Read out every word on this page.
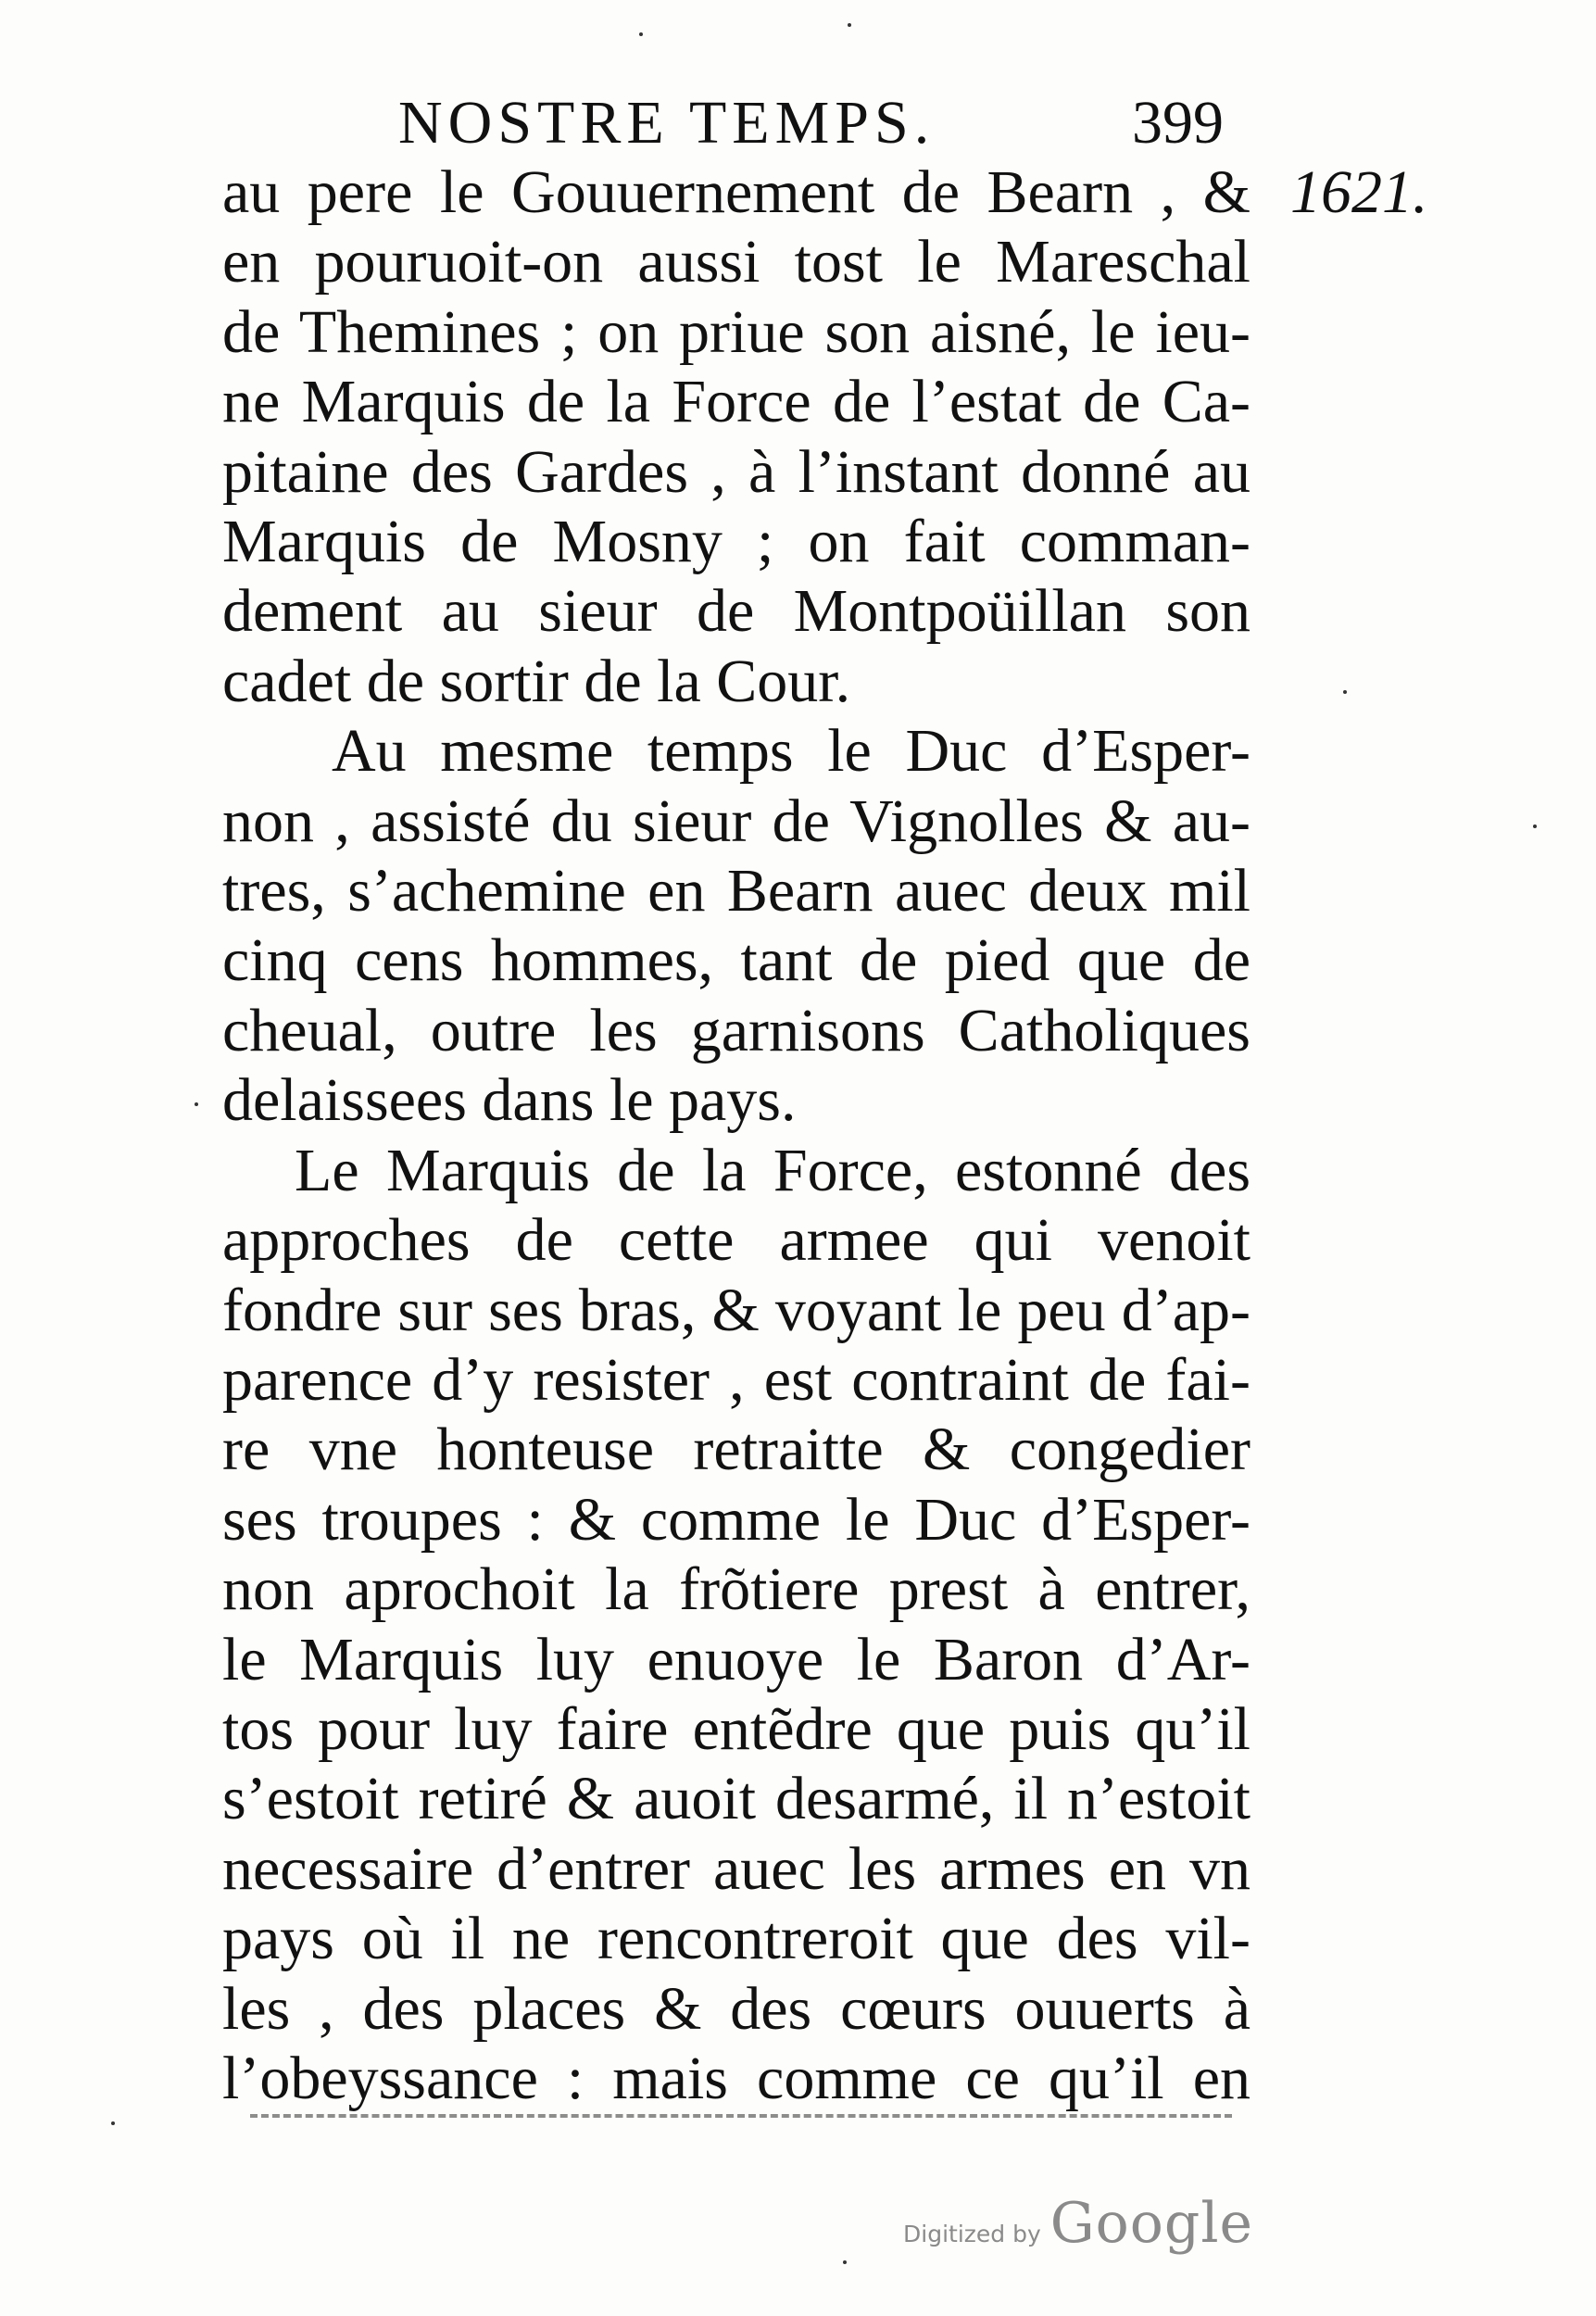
NOSTRE TEMPS.	399
1621.
au pere le Gouuernement de Bearn , &
en pouruoit-on aussi tost le Mareschal
de Themines ; on priue son aisné, le ieu-
ne Marquis de la Force de l’estat de Ca-
pitaine des Gardes , à l’instant donné au
Marquis de Mosny ; on fait comman-
dement au sieur de Montpoüillan son
cadet de sortir de la Cour.
Au mesme temps le Duc d’Esper-
non , assisté du sieur de Vignolles & au-
tres, s’achemine en Bearn auec deux mil
cinq cens hommes, tant de pied que de
cheual, outre les garnisons Catholiques
delaissees dans le pays.
Le Marquis de la Force, estonné des
approches de cette armee qui venoit
fondre sur ses bras, & voyant le peu d’ap-
parence d’y resister , est contraint de fai-
re vne honteuse retraitte & congedier
ses troupes : & comme le Duc d’Esper-
non aprochoit la frõtiere prest à entrer,
le Marquis luy enuoye le Baron d’Ar-
tos pour luy faire entẽdre que puis qu’il
s’estoit retiré & auoit desarmé, il n’estoit
necessaire d’entrer auec les armes en vn
pays où il ne rencontreroit que des vil-
les , des places & des cœurs ouuerts à
l’obeyssance : mais comme ce qu’il en
Digitized by Google
